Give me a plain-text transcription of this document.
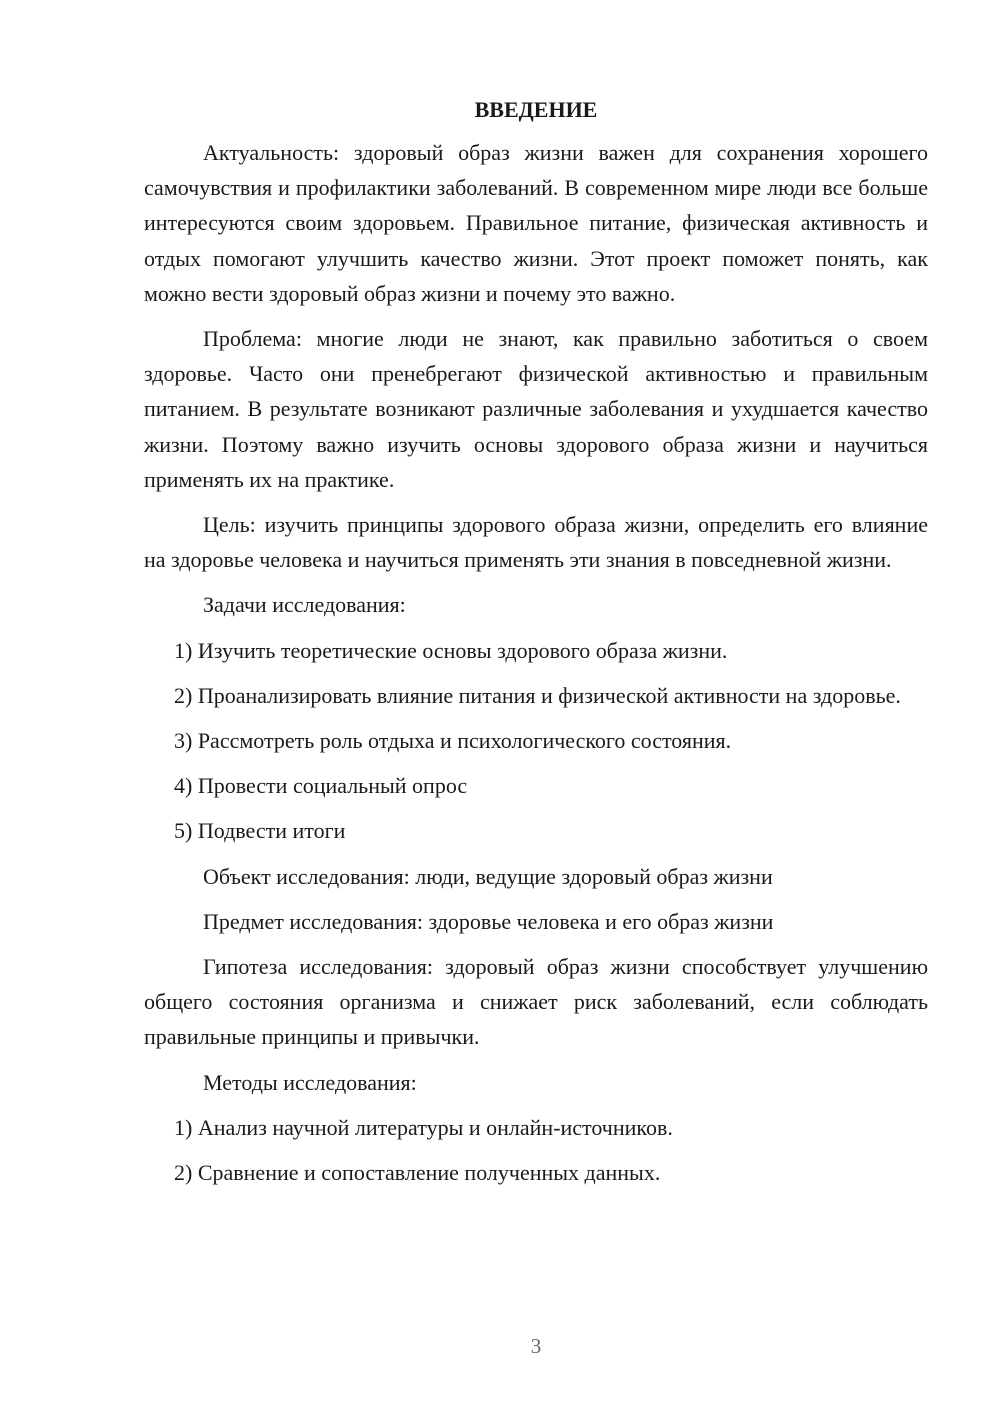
ВВЕДЕНИЕ

Актуальность: здоровый образ жизни важен для сохранения хорошего самочувствия и профилактики заболеваний. В современном мире люди все больше интересуются своим здоровьем. Правильное питание, физическая активность и отдых помогают улучшить качество жизни. Этот проект поможет понять, как можно вести здоровый образ жизни и почему это важно.

Проблема: многие люди не знают, как правильно заботиться о своем здоровье. Часто они пренебрегают физической активностью и правильным питанием. В результате возникают различные заболевания и ухудшается качество жизни. Поэтому важно изучить основы здорового образа жизни и научиться применять их на практике.

Цель: изучить принципы здорового образа жизни, определить его влияние на здоровье человека и научиться применять эти знания в повседневной жизни.

Задачи исследования:

1) Изучить теоретические основы здорового образа жизни.

2) Проанализировать влияние питания и физической активности на здоровье.

3) Рассмотреть роль отдыха и психологического состояния.

4) Провести социальный опрос

5) Подвести итоги

Объект исследования: люди, ведущие здоровый образ жизни

Предмет исследования: здоровье человека и его образ жизни

Гипотеза исследования: здоровый образ жизни способствует улучшению общего состояния организма и снижает риск заболеваний, если соблюдать правильные принципы и привычки.

Методы исследования:

1) Анализ научной литературы и онлайн-источников.

2) Сравнение и сопоставление полученных данных.

3
